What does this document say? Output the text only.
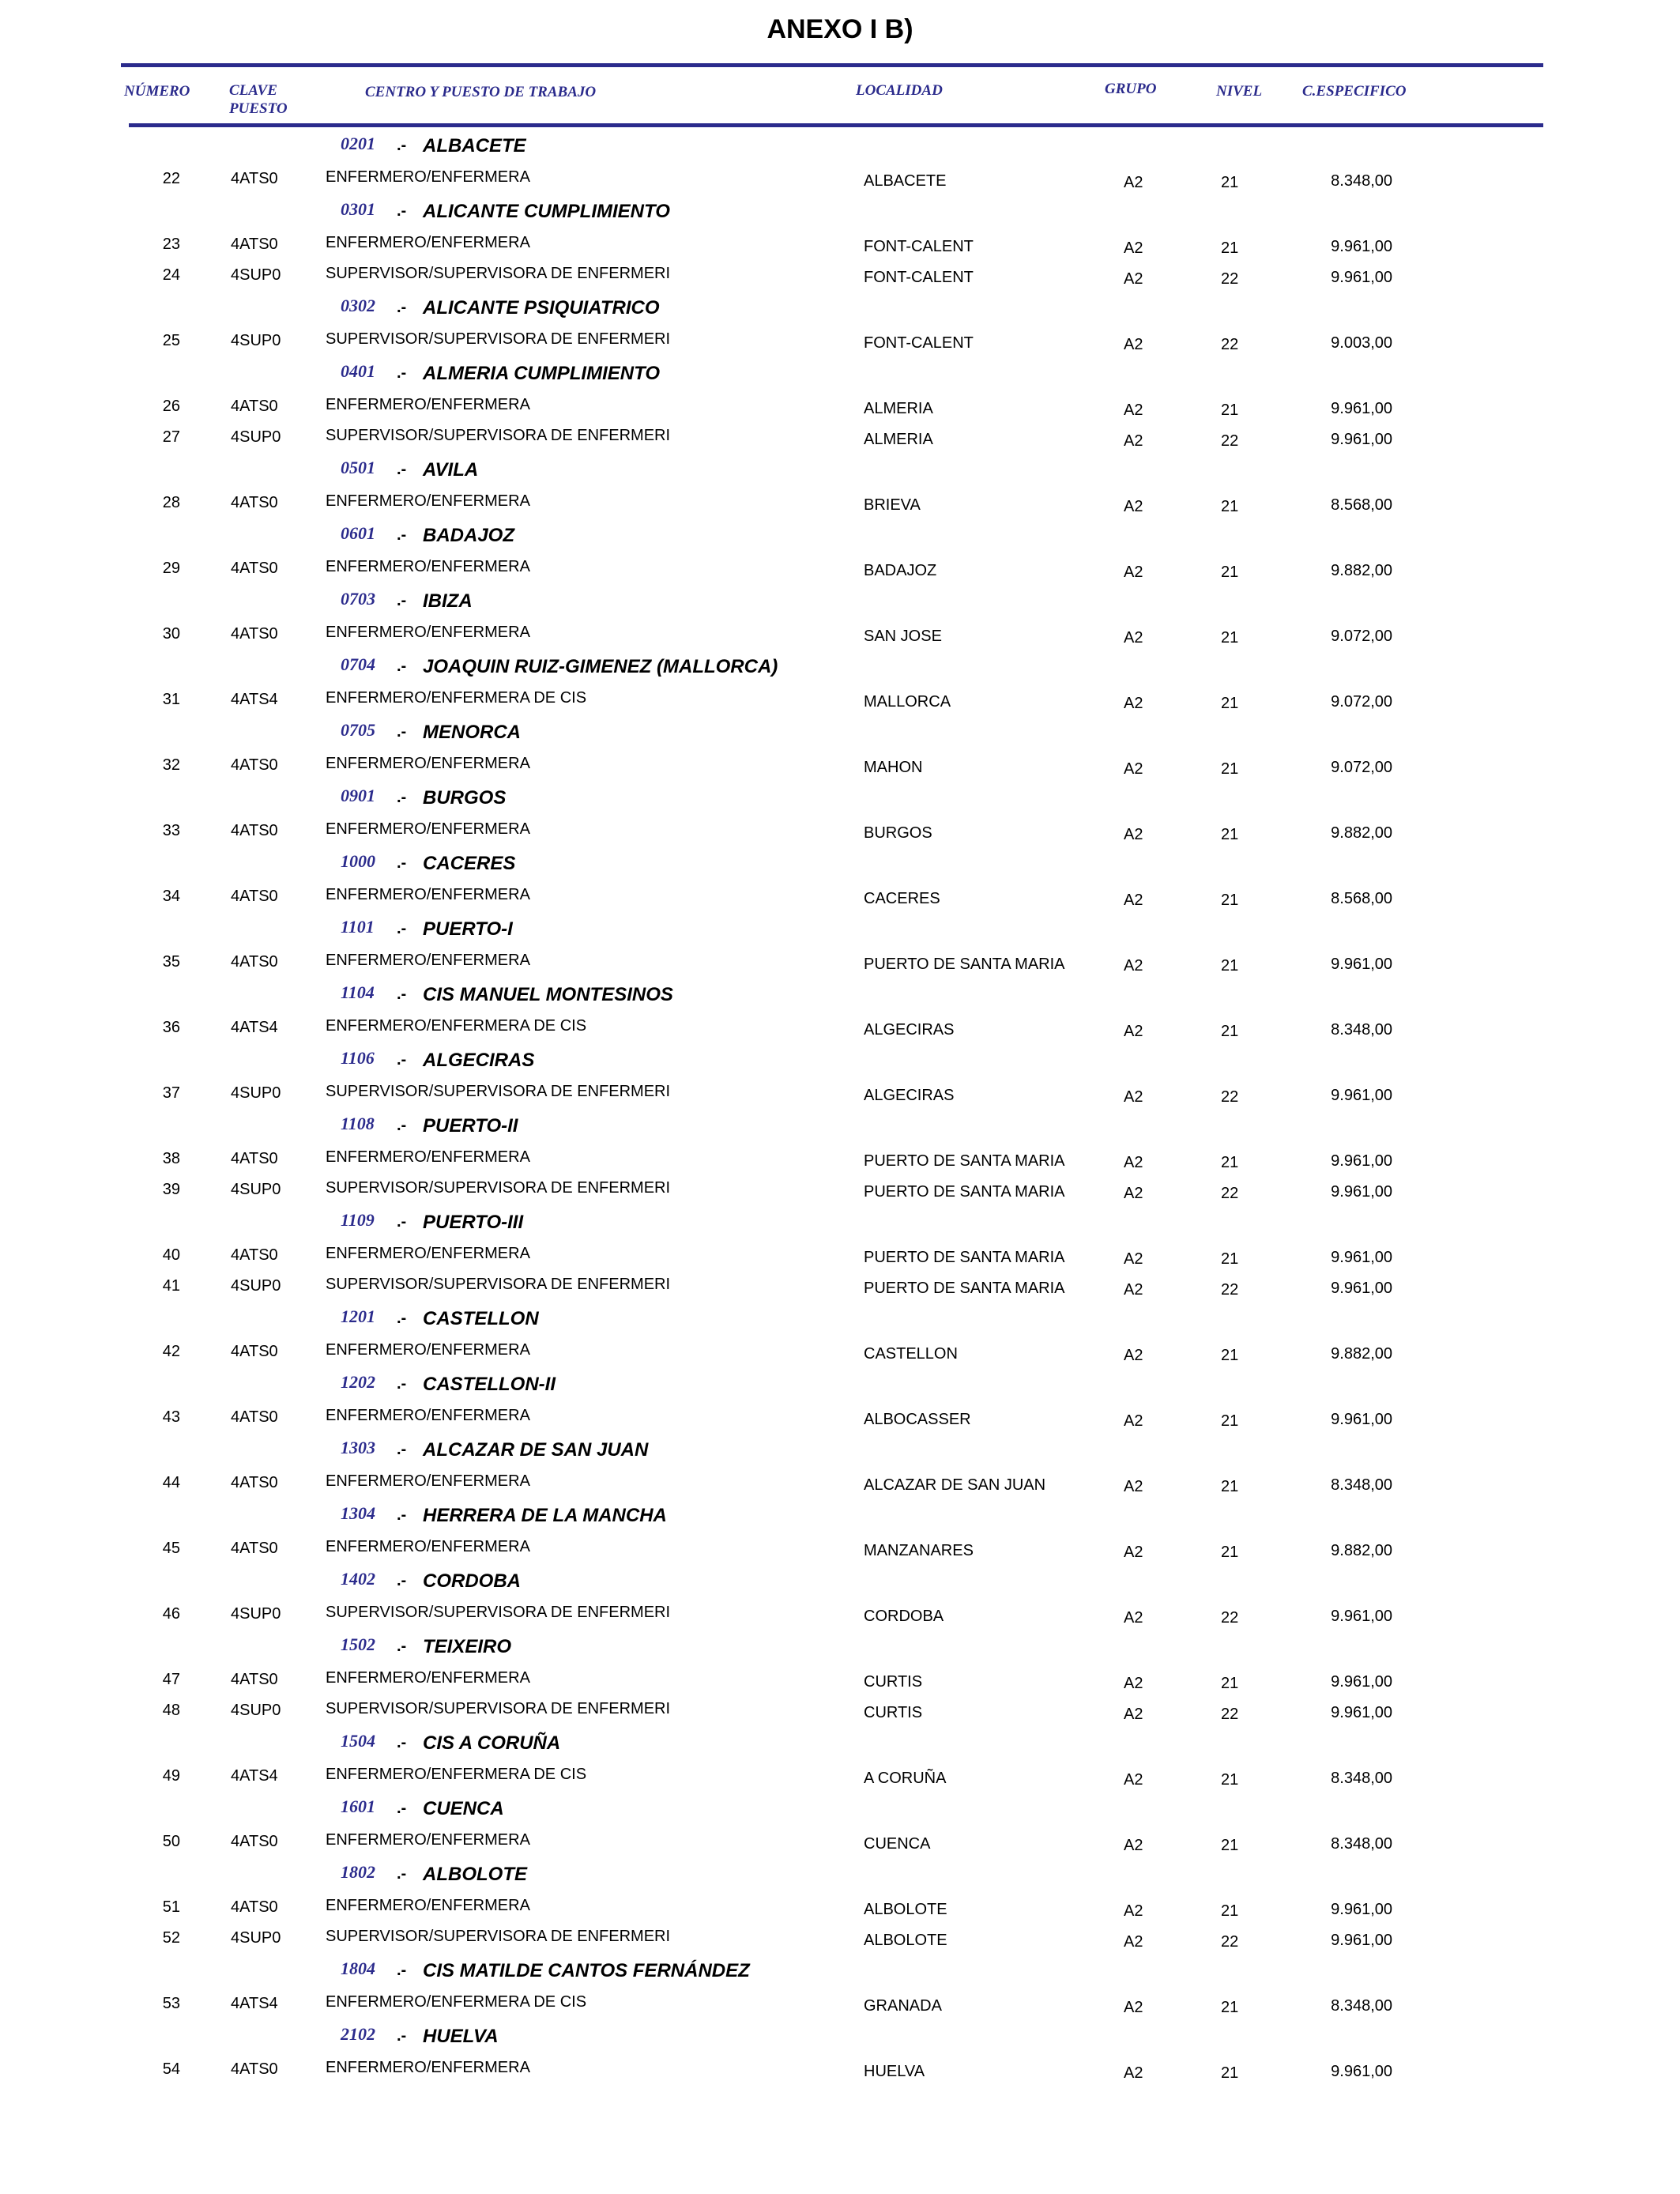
ANEXO I B)
NÚMERO	CLAVE
PUESTO
CENTRO Y PUESTO DE TRABAJO	LOCALIDAD	GRUPO	NIVEL	C.ESPECIFICO
0201 .- ALBACETE
22	4ATS0	ENFERMERO/ENFERMERA	ALBACETE	A2	21	8.348,00
0301 .- ALICANTE CUMPLIMIENTO
23	4ATS0	ENFERMERO/ENFERMERA	FONT-CALENT	A2	21	9.961,00
24	4SUP0	SUPERVISOR/SUPERVISORA DE ENFERMERI	FONT-CALENT	A2	22	9.961,00
0302 .- ALICANTE PSIQUIATRICO
25	4SUP0	SUPERVISOR/SUPERVISORA DE ENFERMERI	FONT-CALENT	A2	22	9.003,00
0401 .- ALMERIA CUMPLIMIENTO
26	4ATS0	ENFERMERO/ENFERMERA	ALMERIA	A2	21	9.961,00
27	4SUP0	SUPERVISOR/SUPERVISORA DE ENFERMERI	ALMERIA	A2	22	9.961,00
0501 .- AVILA
28	4ATS0	ENFERMERO/ENFERMERA	BRIEVA	A2	21	8.568,00
0601 .- BADAJOZ
29	4ATS0	ENFERMERO/ENFERMERA	BADAJOZ	A2	21	9.882,00
0703 .- IBIZA
30	4ATS0	ENFERMERO/ENFERMERA	SAN JOSE	A2	21	9.072,00
0704 .- JOAQUIN RUIZ-GIMENEZ (MALLORCA)
31	4ATS4	ENFERMERO/ENFERMERA DE CIS	MALLORCA	A2	21	9.072,00
0705 .- MENORCA
32	4ATS0	ENFERMERO/ENFERMERA	MAHON	A2	21	9.072,00
0901 .- BURGOS
33	4ATS0	ENFERMERO/ENFERMERA	BURGOS	A2	21	9.882,00
1000 .- CACERES
34	4ATS0	ENFERMERO/ENFERMERA	CACERES	A2	21	8.568,00
1101 .- PUERTO-I
35	4ATS0	ENFERMERO/ENFERMERA	PUERTO DE SANTA MARIA	A2	21	9.961,00
1104 .- CIS MANUEL MONTESINOS
36	4ATS4	ENFERMERO/ENFERMERA DE CIS	ALGECIRAS	A2	21	8.348,00
1106 .- ALGECIRAS
37	4SUP0	SUPERVISOR/SUPERVISORA DE ENFERMERI	ALGECIRAS	A2	22	9.961,00
1108 .- PUERTO-II
38	4ATS0	ENFERMERO/ENFERMERA	PUERTO DE SANTA MARIA	A2	21	9.961,00
39	4SUP0	SUPERVISOR/SUPERVISORA DE ENFERMERI	PUERTO DE SANTA MARIA	A2	22	9.961,00
1109 .- PUERTO-III
40	4ATS0	ENFERMERO/ENFERMERA	PUERTO DE SANTA MARIA	A2	21	9.961,00
41	4SUP0	SUPERVISOR/SUPERVISORA DE ENFERMERI	PUERTO DE SANTA MARIA	A2	22	9.961,00
1201 .- CASTELLON
42	4ATS0	ENFERMERO/ENFERMERA	CASTELLON	A2	21	9.882,00
1202 .- CASTELLON-II
43	4ATS0	ENFERMERO/ENFERMERA	ALBOCASSER	A2	21	9.961,00
1303 .- ALCAZAR DE SAN JUAN
44	4ATS0	ENFERMERO/ENFERMERA	ALCAZAR DE SAN JUAN	A2	21	8.348,00
1304 .- HERRERA DE LA MANCHA
45	4ATS0	ENFERMERO/ENFERMERA	MANZANARES	A2	21	9.882,00
1402 .- CORDOBA
46	4SUP0	SUPERVISOR/SUPERVISORA DE ENFERMERI	CORDOBA	A2	22	9.961,00
1502 .- TEIXEIRO
47	4ATS0	ENFERMERO/ENFERMERA	CURTIS	A2	21	9.961,00
48	4SUP0	SUPERVISOR/SUPERVISORA DE ENFERMERI	CURTIS	A2	22	9.961,00
1504 .- CIS A CORUÑA
49	4ATS4	ENFERMERO/ENFERMERA DE CIS	A CORUÑA	A2	21	8.348,00
1601 .- CUENCA
50	4ATS0	ENFERMERO/ENFERMERA	CUENCA	A2	21	8.348,00
1802 .- ALBOLOTE
51	4ATS0	ENFERMERO/ENFERMERA	ALBOLOTE	A2	21	9.961,00
52	4SUP0	SUPERVISOR/SUPERVISORA DE ENFERMERI	ALBOLOTE	A2	22	9.961,00
1804 .- CIS MATILDE CANTOS FERNÁNDEZ
53	4ATS4	ENFERMERO/ENFERMERA DE CIS	GRANADA	A2	21	8.348,00
2102 .- HUELVA
54	4ATS0	ENFERMERO/ENFERMERA	HUELVA	A2	21	9.961,00
